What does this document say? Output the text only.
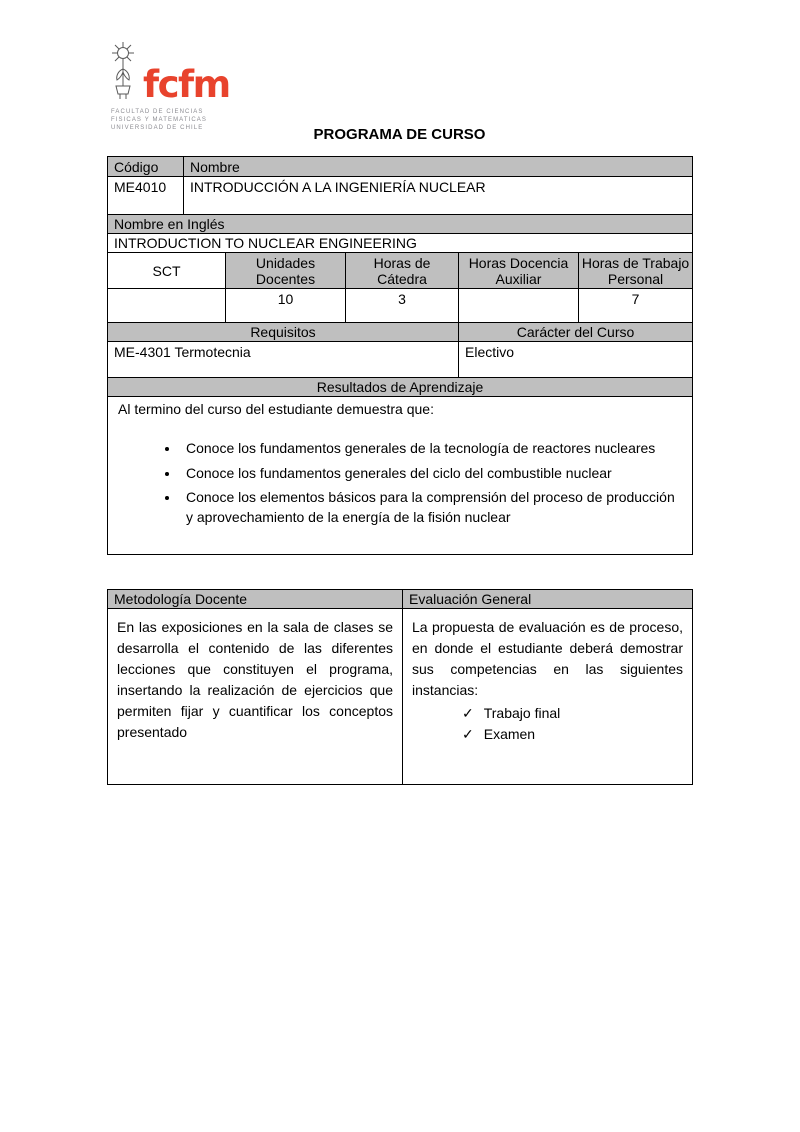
fcfm
FACULTAD DE CIENCIAS
FISICAS Y MATEMATICAS
UNIVERSIDAD DE CHILE	PROGRAMA DE CURSO
Código	Nombre				
ME4010	INTRODUCCIÓN A LA INGENIERÍA NUCLEAR				
Nombre en Inglés					
INTRODUCTION TO NUCLEAR ENGINEERING					
SCT		Unidades Docentes	Horas de Cátedra	Horas Docencia Auxiliar	Horas de Trabajo Personal
		10	3		7
Requisitos				Carácter del Curso	
ME-4301 Termotecnia				Electivo	
Resultados de Aprendizaje					

Al termino del curso del estudiante demuestra que:
• Conoce los fundamentos generales de la tecnología de reactores nucleares
• Conoce los fundamentos generales del ciclo del combustible nuclear
• Conoce los elementos básicos para la comprensión del proceso de producción y aprovechamiento de la energía de la fisión nuclear
Metodología Docente	Evaluación General

En las exposiciones en la sala de clases se desarrolla el contenido de las diferentes lecciones que constituyen el programa, insertando la realización de ejercicios que permiten fijar y cuantificar los conceptos presentado

La propuesta de evaluación es de proceso, en donde el estudiante deberá demostrar sus competencias en las siguientes instancias:
✓ Trabajo final
✓ Examen
